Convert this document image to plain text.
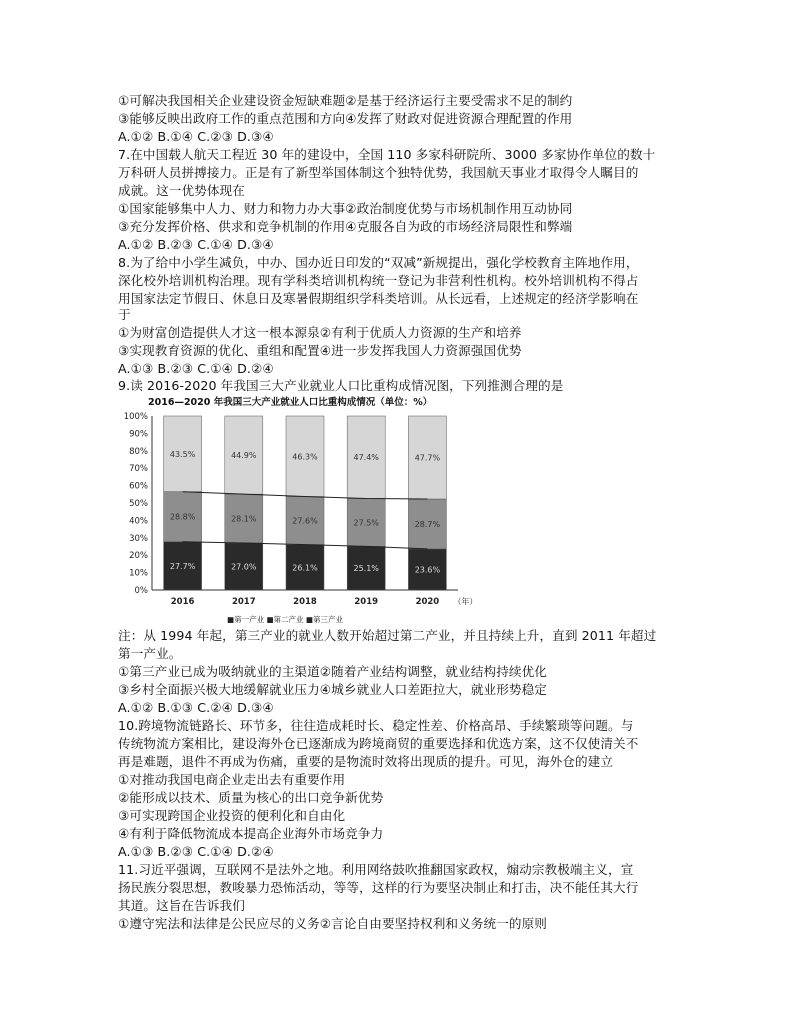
①可解决我国相关企业建设资金短缺难题②是基于经济运行主要受需求不足的制约
③能够反映出政府工作的重点范围和方向④发挥了财政对促进资源合理配置的作用
A.①② B.①④ C.②③ D.③④
7.在中国载人航天工程近 30 年的建设中，全国 110 多家科研院所、3000 多家协作单位的数十
万科研人员拼搏接力。正是有了新型举国体制这个独特优势，我国航天事业才取得令人瞩目的
成就。这一优势体现在
①国家能够集中人力、财力和物力办大事②政治制度优势与市场机制作用互动协同
③充分发挥价格、供求和竞争机制的作用④克服各自为政的市场经济局限性和弊端
A.①② B.②③ C.①④ D.③④
8.为了给中小学生减负，中办、国办近日印发的“双减”新规提出，强化学校教育主阵地作用，
深化校外培训机构治理。现有学科类培训机构统一登记为非营利性机构。校外培训机构不得占
用国家法定节假日、休息日及寒暑假期组织学科类培训。从长远看，上述规定的经济学影响在
于
①为财富创造提供人才这一根本源泉②有利于优质人力资源的生产和培养
③实现教育资源的优化、重组和配置④进一步发挥我国人力资源强国优势
A.①③ B.②③ C.①④ D.②④
9.读 2016-2020 年我国三大产业就业人口比重构成情况图，下列推测合理的是
2016—2020 年我国三大产业就业人口比重构成情况（单位：%）
0%
10%
20%
30%
40%
50%
60%
70%
80%
90%
100%
27.7%
28.8%
43.5%
2016
27.0%
28.1%
44.9%
2017
26.1%
27.6%
46.3%
2018
25.1%
27.5%
47.4%
2019
23.6%
28.7%
47.7%
2020 （年）
■第一产业 ■第二产业 ■第三产业
注：从 1994 年起，第三产业的就业人数开始超过第二产业，并且持续上升，直到 2011 年超过
第一产业。
①第三产业已成为吸纳就业的主渠道②随着产业结构调整，就业结构持续优化
③乡村全面振兴极大地缓解就业压力④城乡就业人口差距拉大，就业形势稳定
A.①② B.①③ C.②④ D.③④
10.跨境物流链路长、环节多，往往造成耗时长、稳定性差、价格高昂、手续繁琐等问题。与
传统物流方案相比，建设海外仓已逐渐成为跨境商贸的重要选择和优选方案，这不仅使清关不
再是难题，退件不再成为伤痛，重要的是物流时效将出现质的提升。可见，海外仓的建立
①对推动我国电商企业走出去有重要作用
②能形成以技术、质量为核心的出口竞争新优势
③可实现跨国企业投资的便利化和自由化
④有利于降低物流成本提高企业海外市场竞争力
A.①③ B.②③ C.①④ D.②④
11.习近平强调，互联网不是法外之地。利用网络鼓吹推翻国家政权，煽动宗教极端主义，宣
扬民族分裂思想，教唆暴力恐怖活动，等等，这样的行为要坚决制止和打击，决不能任其大行
其道。这旨在告诉我们
①遵守宪法和法律是公民应尽的义务②言论自由要坚持权利和义务统一的原则
